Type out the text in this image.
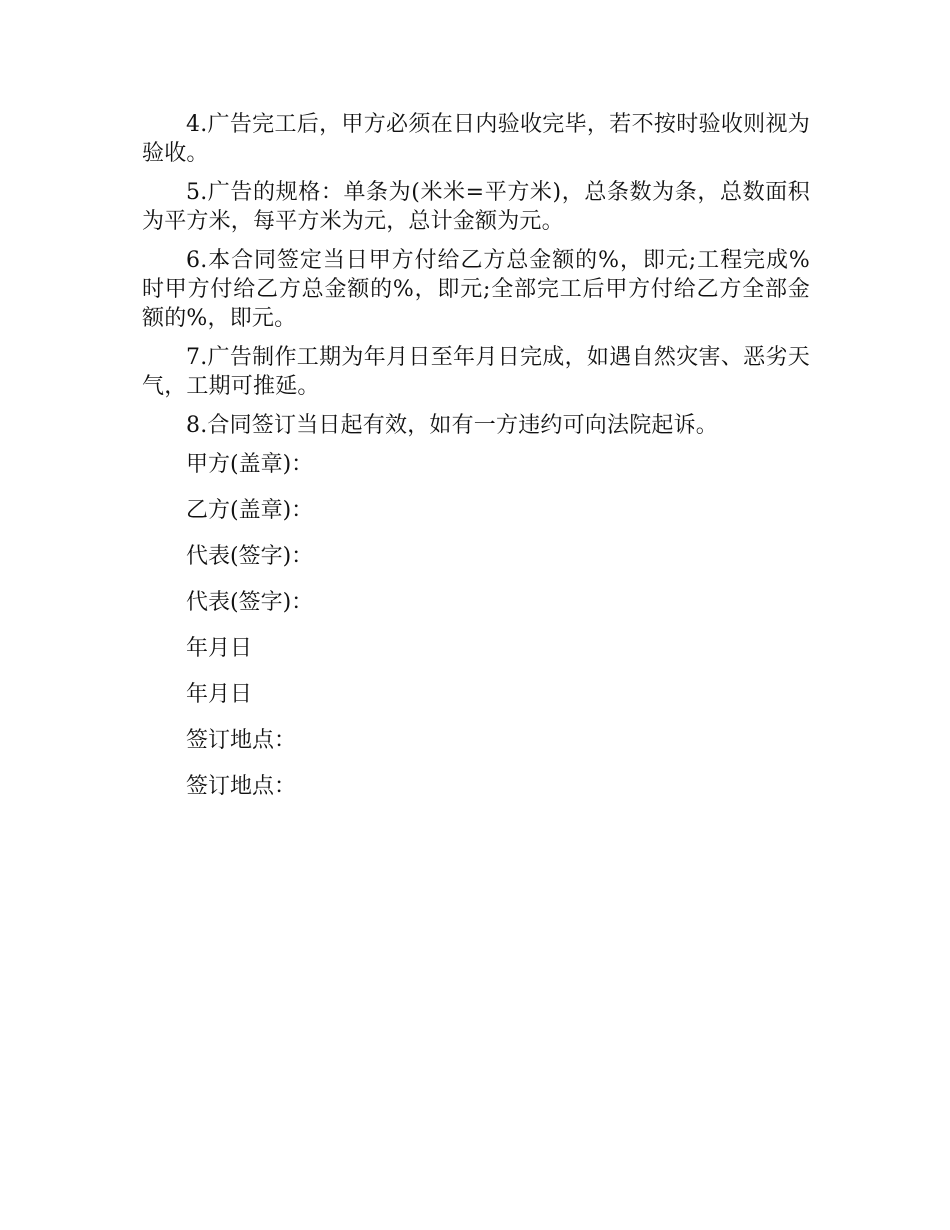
4.广告完工后，甲方必须在日内验收完毕，若不按时验收则视为验收。

5.广告的规格：单条为(米米=平方米)，总条数为条，总数面积为平方米，每平方米为元，总计金额为元。

6.本合同签定当日甲方付给乙方总金额的%，即元;工程完成%时甲方付给乙方总金额的%，即元;全部完工后甲方付给乙方全部金额的%，即元。

7.广告制作工期为年月日至年月日完成，如遇自然灾害、恶劣天气，工期可推延。

8.合同签订当日起有效，如有一方违约可向法院起诉。

甲方(盖章)：

乙方(盖章)：

代表(签字)：

代表(签字)：

年月日

年月日

签订地点：

签订地点：
